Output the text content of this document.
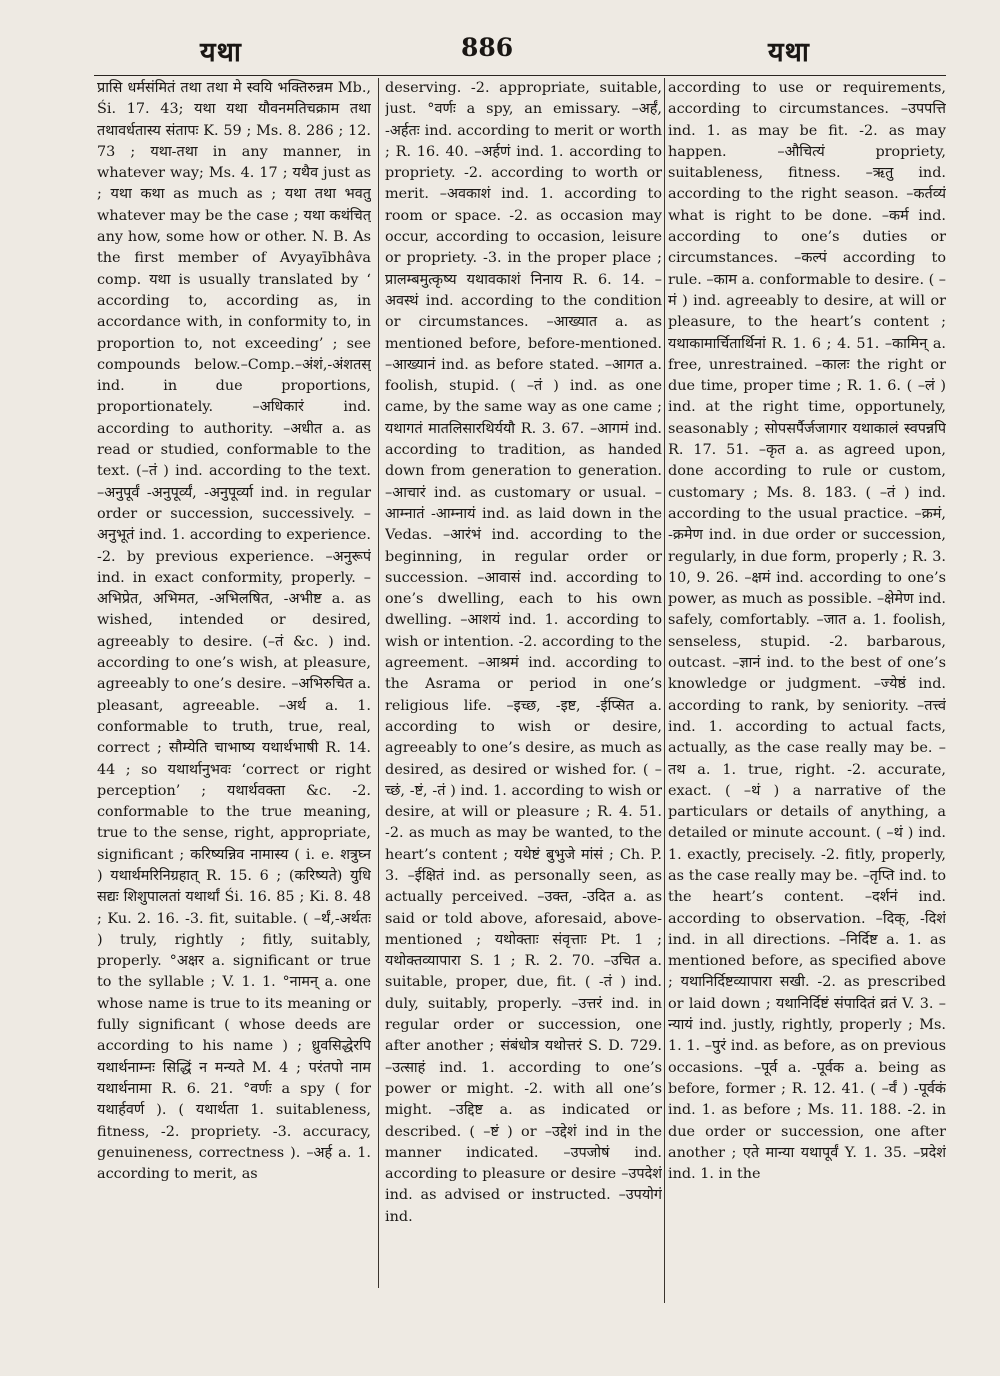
यथा	886	यथा

प्रासि धर्मसंमितं तथा तथा मे स्वयि भक्तिरुन्नम Mb., Śi. 17. 43; यथा यथा यौवनमतिचक्राम तथा तथावर्धतास्य संतापः K. 59 ; Ms. 8. 286 ; 12. 73 ; यथा-तथा in any manner, in whatever way; Ms. 4. 17 ; यथैव just as ; यथा कथा as much as ; यथा तथा भवतु whatever may be the case ; यथा कथंचित् any how, some how or other. N. B. As the first member of Avyayībhâva comp. यथा is usually translated by ‘ according to, according as, in accordance with, in conformity to, in proportion to, not exceeding’ ; see compounds below.–Comp.–अंशं,-अंशतस् ind. in due proportions, proportionately. –अधिकारं ind. according to authority. –अधीत a. as read or studied, conformable to the text. (–तं ) ind. according to the text. –अनुपूर्वं -अनुपूर्व्यं, -अनुपूर्व्या ind. in regular order or succession, successively. –अनुभूतं ind. 1. according to experience. -2. by previous experience. –अनुरूपं ind. in exact conformity, properly. –अभिप्रेत, अभिमत, -अभिलषित, -अभीष्ट a. as wished, intended or desired, agreeably to desire. (–तं &c. ) ind. according to one’s wish, at pleasure, agreeably to one’s desire. –अभिरुचित a. pleasant, agreeable. –अर्थ a. 1. conformable to truth, true, real, correct ; सौम्येति चाभाष्य यथार्थभाषी R. 14. 44 ; so यथार्थानुभवः ‘correct or right perception’ ; यथार्थवक्ता &c. -2. conformable to the true meaning, true to the sense, right, appropriate, significant ; करिष्यन्निव नामास्य ( i. e. शत्रुघ्न ) यथार्थमरिनिग्रहात् R. 15. 6 ; (करिष्यते) युधि सद्यः शिशुपालतां यथार्थां Śi. 16. 85 ; Ki. 8. 48 ; Ku. 2. 16. -3. fit, suitable. ( –र्थं,-अर्थतः ) truly, rightly ; fitly, suitably, properly. °अक्षर a. significant or true to the syllable ; V. 1. 1. °नामन् a. one whose name is true to its meaning or fully significant ( whose deeds are according to his name ) ; ध्रुवसिद्धेरपि यथार्थनाम्नः सिद्धिं न मन्यते M. 4 ; परंतपो नाम यथार्थनामा R. 6. 21. °वर्णः a spy ( for यथार्हवर्ण ). ( यथार्थता 1. suitableness, fitness, -2. propriety. -3. accuracy, genuineness, correctness ). –अर्ह a. 1. according to merit, as

deserving. -2. appropriate, suitable, just. °वर्णः a spy, an emissary. –अर्हं, -अर्हतः ind. according to merit or worth ; R. 16. 40. –अर्हणं ind. 1. according to propriety. -2. according to worth or merit. –अवकाशं ind. 1. according to room or space. -2. as occasion may occur, according to occasion, leisure or propriety. -3. in the proper place ; प्रालम्बमुत्कृष्य यथावकाशं निनाय R. 6. 14. –अवस्थं ind. according to the condition or circumstances. –आख्यात a. as mentioned before, before-mentioned. –आख्यानं ind. as before stated. –आगत a. foolish, stupid. ( –तं ) ind. as one came, by the same way as one came ; यथागतं मातलिसारथिर्ययौ R. 3. 67. –आगमं ind. according to tradition, as handed down from generation to generation. –आचारं ind. as customary or usual. –आम्नातं -आम्नायं ind. as laid down in the Vedas. –आरंभं ind. according to the beginning, in regular order or succession. –आवासं ind. according to one’s dwelling, each to his own dwelling. –आशयं ind. 1. according to wish or intention. -2. according to the agreement. –आश्रमं ind. according to the Asrama or period in one’s religious life. –इच्छ, -इष्ट, -ईप्सित a. according to wish or desire, agreeably to one’s desire, as much as desired, as desired or wished for. ( –च्छं, -ष्टं, -तं ) ind. 1. according to wish or desire, at will or pleasure ; R. 4. 51. -2. as much as may be wanted, to the heart’s content ; यथेष्टं बुभुजे मांसं ; Ch. P. 3. –ईक्षितं ind. as personally seen, as actually perceived. –उक्त, -उदित a. as said or told above, aforesaid, above-mentioned ; यथोक्ताः संवृत्ताः Pt. 1 ; यथोक्तव्यापारा S. 1 ; R. 2. 70. –उचित a. suitable, proper, due, fit. ( -तं ) ind. duly, suitably, properly. –उत्तरं ind. in regular order or succession, one after another ; संबंधोत्र यथोत्तरं S. D. 729. –उत्साहं ind. 1. according to one’s power or might. -2. with all one’s might. –उद्दिष्ट a. as indicated or described. ( –ष्टं ) or –उद्देशं ind in the manner indicated. –उपजोषं ind. according to pleasure or desire –उपदेशं ind. as advised or instructed. –उपयोगं ind.

according to use or requirements, according to circumstances. –उपपत्ति ind. 1. as may be fit. -2. as may happen. –औचित्यं propriety, suitableness, fitness. –ऋतु ind. according to the right season. –कर्तव्यं what is right to be done. –कर्म ind. according to one’s duties or circumstances. –कल्पं according to rule. –काम a. conformable to desire. ( –मं ) ind. agreeably to desire, at will or pleasure, to the heart’s content ; यथाकामार्चितार्थिनां R. 1. 6 ; 4. 51. –कामिन् a. free, unrestrained. –कालः the right or due time, proper time ; R. 1. 6. ( –लं ) ind. at the right time, opportunely, seasonably ; सोपसर्पैर्जजागार यथाकालं स्वपन्नपि R. 17. 51. –कृत a. as agreed upon, done according to rule or custom, customary ; Ms. 8. 183. ( –तं ) ind. according to the usual practice. –क्रमं, -क्रमेण ind. in due order or succession, regularly, in due form, properly ; R. 3. 10, 9. 26. –क्षमं ind. according to one’s power, as much as possible. –क्षेमेण ind. safely, comfortably. –जात a. 1. foolish, senseless, stupid. -2. barbarous, outcast. –ज्ञानं ind. to the best of one’s knowledge or judgment. –ज्येष्ठं ind. according to rank, by seniority. –तत्त्वं ind. 1. according to actual facts, actually, as the case really may be. –तथ a. 1. true, right. -2. accurate, exact. ( –थं ) a narrative of the particulars or details of anything, a detailed or minute account. ( –थं ) ind. 1. exactly, precisely. -2. fitly, properly, as the case really may be. –तृप्ति ind. to the heart’s content. –दर्शनं ind. according to observation. –दिक्, -दिशं ind. in all directions. –निर्दिष्ट a. 1. as mentioned before, as specified above ; यथानिर्दिष्टव्यापारा सखी. -2. as prescribed or laid down ; यथानिर्दिष्टं संपादितं व्रतं V. 3. –न्यायं ind. justly, rightly, properly ; Ms. 1. 1. –पुरं ind. as before, as on previous occasions. –पूर्व a. -पूर्वक a. being as before, former ; R. 12. 41. ( –र्वं ) -पूर्वकं ind. 1. as before ; Ms. 11. 188. -2. in due order or succession, one after another ; एते मान्या यथापूर्वं Y. 1. 35. –प्रदेशं ind. 1. in the
